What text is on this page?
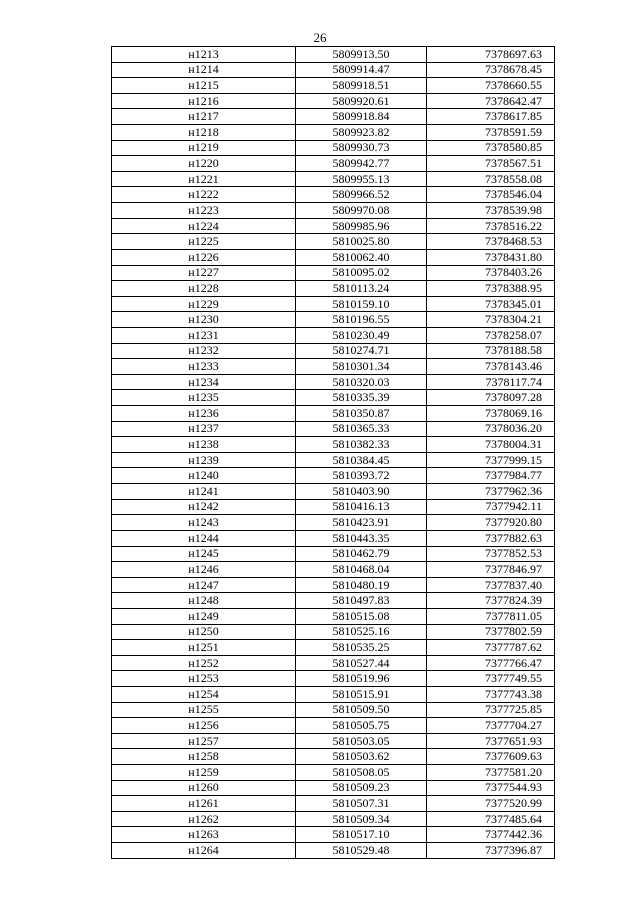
26
н1213	5809913.50	7378697.63
н1214	5809914.47	7378678.45
н1215	5809918.51	7378660.55
н1216	5809920.61	7378642.47
н1217	5809918.84	7378617.85
н1218	5809923.82	7378591.59
н1219	5809930.73	7378580.85
н1220	5809942.77	7378567.51
н1221	5809955.13	7378558.08
н1222	5809966.52	7378546.04
н1223	5809970.08	7378539.98
н1224	5809985.96	7378516.22
н1225	5810025.80	7378468.53
н1226	5810062.40	7378431.80
н1227	5810095.02	7378403.26
н1228	5810113.24	7378388.95
н1229	5810159.10	7378345.01
н1230	5810196.55	7378304.21
н1231	5810230.49	7378258.07
н1232	5810274.71	7378188.58
н1233	5810301.34	7378143.46
н1234	5810320.03	7378117.74
н1235	5810335.39	7378097.28
н1236	5810350.87	7378069.16
н1237	5810365.33	7378036.20
н1238	5810382.33	7378004.31
н1239	5810384.45	7377999.15
н1240	5810393.72	7377984.77
н1241	5810403.90	7377962.36
н1242	5810416.13	7377942.11
н1243	5810423.91	7377920.80
н1244	5810443.35	7377882.63
н1245	5810462.79	7377852.53
н1246	5810468.04	7377846.97
н1247	5810480.19	7377837.40
н1248	5810497.83	7377824.39
н1249	5810515.08	7377811.05
н1250	5810525.16	7377802.59
н1251	5810535.25	7377787.62
н1252	5810527.44	7377766.47
н1253	5810519.96	7377749.55
н1254	5810515.91	7377743.38
н1255	5810509.50	7377725.85
н1256	5810505.75	7377704.27
н1257	5810503.05	7377651.93
н1258	5810503.62	7377609.63
н1259	5810508.05	7377581.20
н1260	5810509.23	7377544.93
н1261	5810507.31	7377520.99
н1262	5810509.34	7377485.64
н1263	5810517.10	7377442.36
н1264	5810529.48	7377396.87
